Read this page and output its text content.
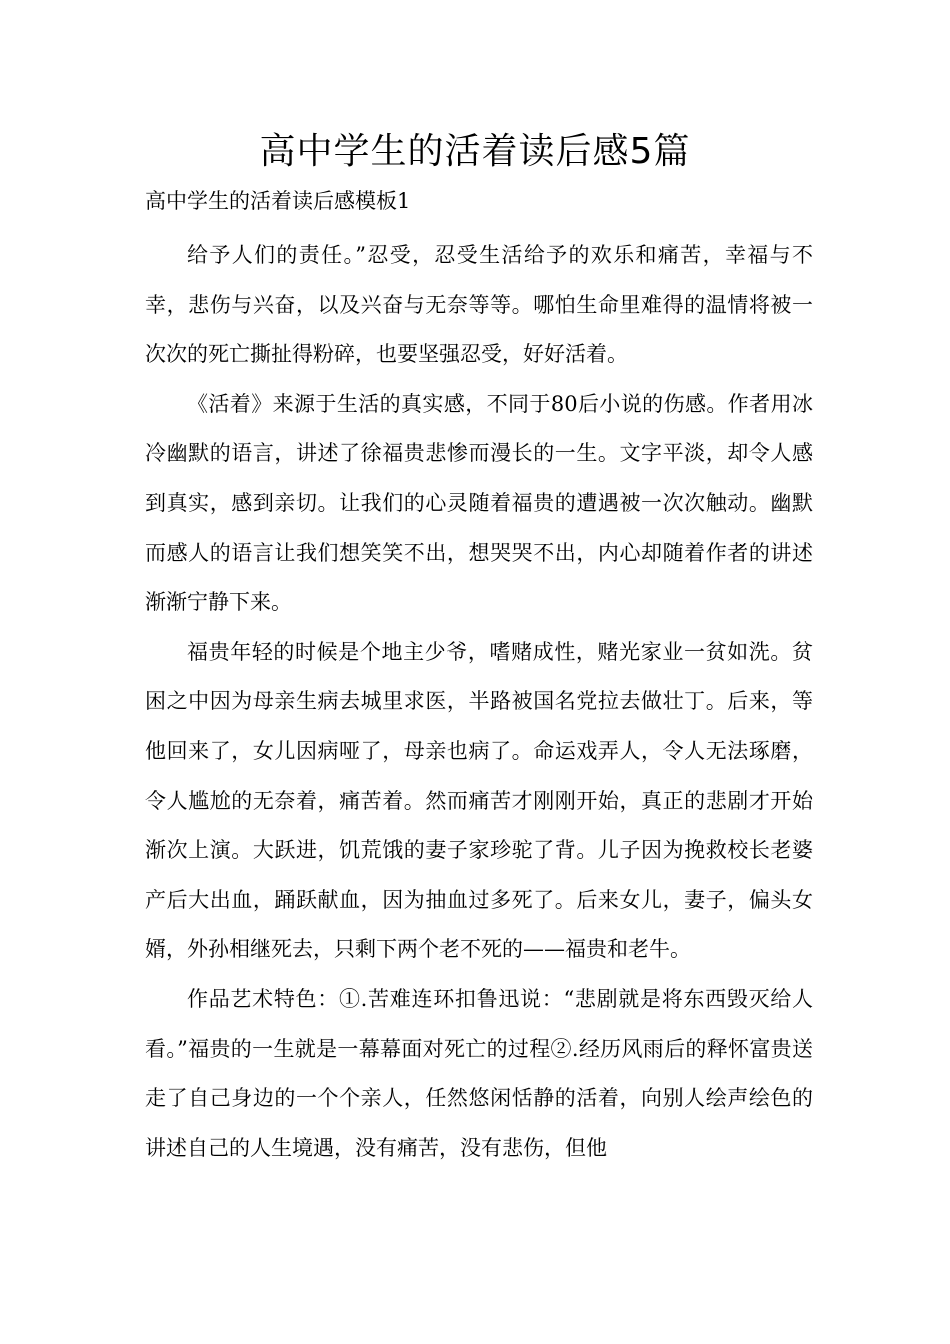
高中学生的活着读后感5篇
高中学生的活着读后感模板1

给予人们的责任。”忍受，忍受生活给予的欢乐和痛苦，幸福与不幸，悲伤与兴奋，以及兴奋与无奈等等。哪怕生命里难得的温情将被一次次的死亡撕扯得粉碎，也要坚强忍受，好好活着。

《活着》来源于生活的真实感，不同于80后小说的伤感。作者用冰冷幽默的语言，讲述了徐福贵悲惨而漫长的一生。文字平淡，却令人感到真实，感到亲切。让我们的心灵随着福贵的遭遇被一次次触动。幽默而感人的语言让我们想笑笑不出，想哭哭不出，内心却随着作者的讲述渐渐宁静下来。

福贵年轻的时候是个地主少爷，嗜赌成性，赌光家业一贫如洗。贫困之中因为母亲生病去城里求医，半路被国名党拉去做壮丁。后来，等他回来了，女儿因病哑了，母亲也病了。命运戏弄人，令人无法琢磨，令人尴尬的无奈着，痛苦着。然而痛苦才刚刚开始，真正的悲剧才开始渐次上演。大跃进，饥荒饿的妻子家珍驼了背。儿子因为挽救校长老婆产后大出血，踊跃献血，因为抽血过多死了。后来女儿，妻子，偏头女婿，外孙相继死去，只剩下两个老不死的——福贵和老牛。

作品艺术特色：①.苦难连环扣鲁迅说：“悲剧就是将东西毁灭给人看。”福贵的一生就是一幕幕面对死亡的过程②.经历风雨后的释怀富贵送走了自己身边的一个个亲人，任然悠闲恬静的活着，向别人绘声绘色的讲述自己的人生境遇，没有痛苦，没有悲伤，但他
